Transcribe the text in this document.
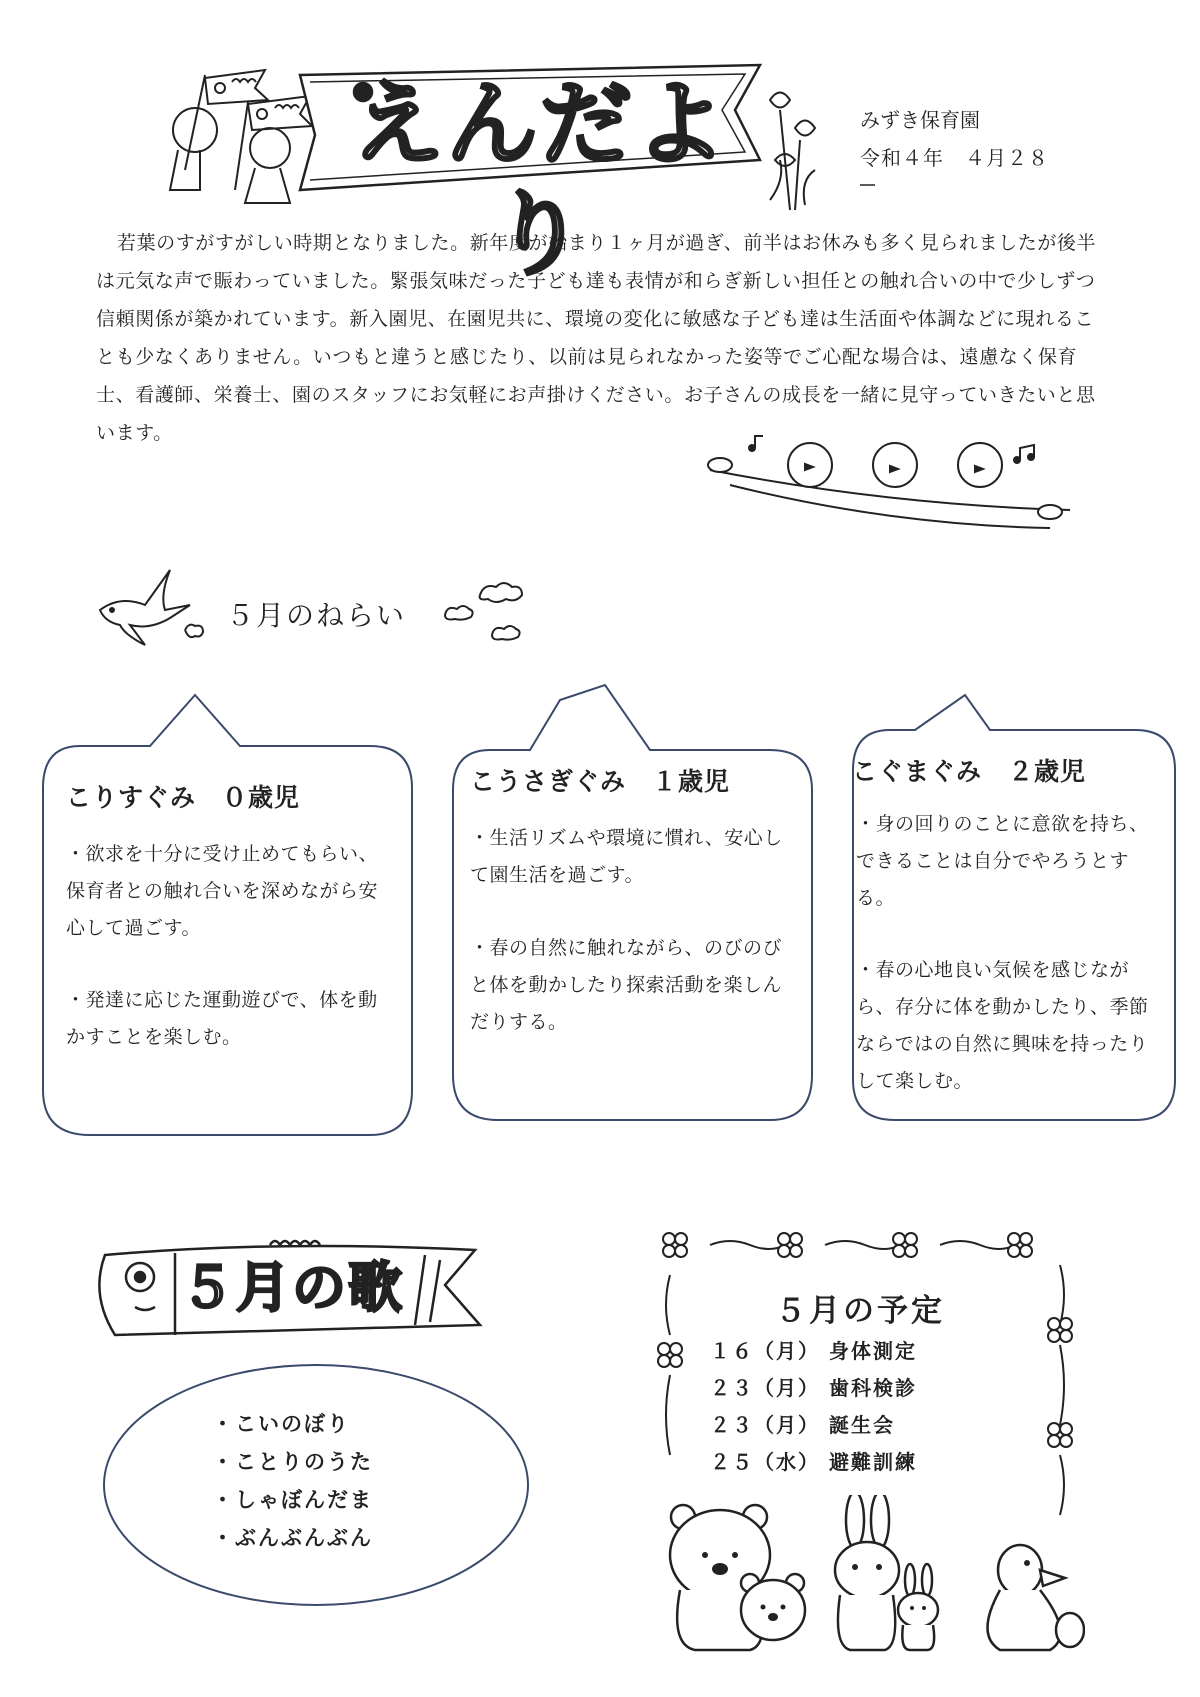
えんだより
みずき保育園
令和４年　４月２８

若葉のすがすがしい時期となりました。新年度が始まり１ヶ月が過ぎ、前半はお休みも多く見られましたが後半は元気な声で賑わっていました。緊張気味だった子ども達も表情が和らぎ新しい担任との触れ合いの中で少しずつ信頼関係が築かれています。新入園児、在園児共に、環境の変化に敏感な子ども達は生活面や体調などに現れることも少なくありません。いつもと違うと感じたり、以前は見られなかった姿等でご心配な場合は、遠慮なく保育士、看護師、栄養士、園のスタッフにお気軽にお声掛けください。お子さんの成長を一緒に見守っていきたいと思います。

５月のねらい
こりすぐみ　０歳児
・欲求を十分に受け止めてもらい、保育者との触れ合いを深めながら安心して過ごす。
・発達に応じた運動遊びで、体を動かすことを楽しむ。
こうさぎぐみ　１歳児
・生活リズムや環境に慣れ、安心して園生活を過ごす。
・春の自然に触れながら、のびのびと体を動かしたり探索活動を楽しんだりする。
こぐまぐみ　２歳児
・身の回りのことに意欲を持ち、できることは自分でやろうとする。
・春の心地良い気候を感じながら、存分に体を動かしたり、季節ならではの自然に興味を持ったりして楽しむ。
５月の歌
・こいのぼり
・ことりのうた
・しゃぼんだま
・ぶんぶんぶん
５月の予定
１６（月） 身体測定
２３（月） 歯科検診
２３（月） 誕生会
２５（水） 避難訓練
